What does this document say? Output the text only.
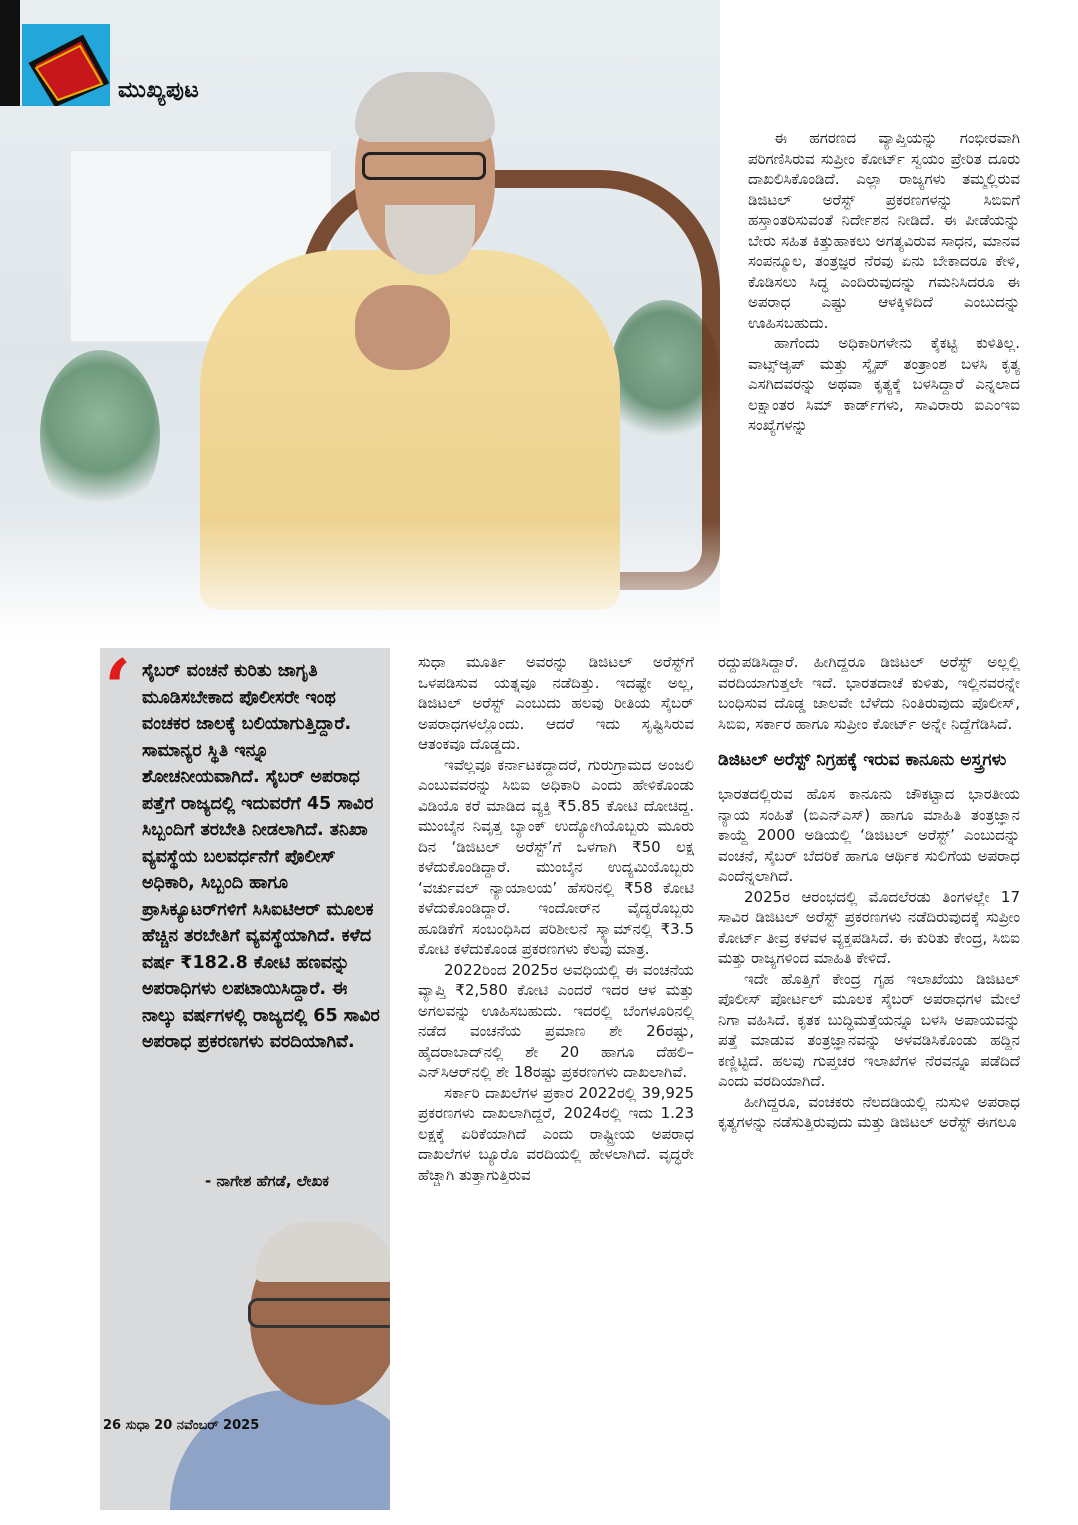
ಮುಖ್ಯಪುಟ

ಈ ಹಗರಣದ ವ್ಯಾಪ್ತಿಯನ್ನು ಗಂಭೀರವಾಗಿ ಪರಿಗಣಿಸಿರುವ ಸುಪ್ರೀಂ ಕೋರ್ಟ್ ಸ್ವಯಂ ಪ್ರೇರಿತ ದೂರು ದಾಖಲಿಸಿಕೊಂಡಿದೆ. ಎಲ್ಲಾ ರಾಜ್ಯಗಳು ತಮ್ಮಲ್ಲಿರುವ ಡಿಜಿಟಲ್ ಅರೆಸ್ಟ್ ಪ್ರಕರಣಗಳನ್ನು ಸಿಬಿಐಗೆ ಹಸ್ತಾಂತರಿಸುವಂತೆ ನಿರ್ದೇಶನ ನೀಡಿದೆ. ಈ ಪೀಡೆಯನ್ನು ಬೇರು ಸಹಿತ ಕಿತ್ತುಹಾಕಲು ಅಗತ್ಯವಿರುವ ಸಾಧನ, ಮಾನವ ಸಂಪನ್ಮೂಲ, ತಂತ್ರಜ್ಞರ ನೆರವು ಏನು ಬೇಕಾದರೂ ಕೇಳಿ, ಕೊಡಿಸಲು ಸಿದ್ಧ ಎಂದಿರುವುದನ್ನು ಗಮನಿಸಿದರೂ ಈ ಅಪರಾಧ ಎಷ್ಟು ಆಳಕ್ಕಿಳಿದಿದೆ ಎಂಬುದನ್ನು ಊಹಿಸಬಹುದು.

ಹಾಗೆಂದು ಅಧಿಕಾರಿಗಳೇನು ಕೈಕಟ್ಟಿ ಕುಳಿತಿಲ್ಲ. ವಾಟ್ಸ್‌ಆ್ಯಪ್ ಮತ್ತು ಸ್ಕೈಪ್ ತಂತ್ರಾಂಶ ಬಳಸಿ ಕೃತ್ಯ ಎಸಗಿದವರನ್ನು ಅಥವಾ ಕೃತ್ಯಕ್ಕೆ ಬಳಸಿದ್ದಾರೆ ಎನ್ನಲಾದ ಲಕ್ಷಾಂತರ ಸಿಮ್ ಕಾರ್ಡ್‌ಗಳು, ಸಾವಿರಾರು ಐಎಂಇಐ ಸಂಖ್ಯೆಗಳನ್ನು

‘ ಸೈಬರ್ ವಂಚನೆ ಕುರಿತು ಜಾಗೃತಿ ಮೂಡಿಸಬೇಕಾದ ಪೊಲೀಸರೇ ಇಂಥ ವಂಚಕರ ಜಾಲಕ್ಕೆ ಬಲಿಯಾಗುತ್ತಿದ್ದಾರೆ. ಸಾಮಾನ್ಯರ ಸ್ಥಿತಿ ಇನ್ನೂ ಶೋಚನೀಯವಾಗಿದೆ. ಸೈಬರ್ ಅಪರಾಧ ಪತ್ತೆಗೆ ರಾಜ್ಯದಲ್ಲಿ ಇದುವರೆಗೆ 45 ಸಾವಿರ ಸಿಬ್ಬಂದಿಗೆ ತರಬೇತಿ ನೀಡಲಾಗಿದೆ. ತನಿಖಾ ವ್ಯವಸ್ಥೆಯ ಬಲವರ್ಧನೆಗೆ ಪೊಲೀಸ್ ಅಧಿಕಾರಿ, ಸಿಬ್ಬಂದಿ ಹಾಗೂ ಪ್ರಾಸಿಕ್ಯೂಟರ್‌ಗಳಿಗೆ ಸಿಸಿಐಟಿಆರ್ ಮೂಲಕ ಹೆಚ್ಚಿನ ತರಬೇತಿಗೆ ವ್ಯವಸ್ಥೆಯಾಗಿದೆ. ಕಳೆದ ವರ್ಷ ₹182.8 ಕೋಟಿ ಹಣವನ್ನು ಅಪರಾಧಿಗಳು ಲಪಟಾಯಿಸಿದ್ದಾರೆ. ಈ ನಾಲ್ಕು ವರ್ಷಗಳಲ್ಲಿ ರಾಜ್ಯದಲ್ಲಿ 65 ಸಾವಿರ ಅಪರಾಧ ಪ್ರಕರಣಗಳು ವರದಿಯಾಗಿವೆ.
- ನಾಗೇಶ ಹೆಗಡೆ, ಲೇಖಕ
26 ಸುಧಾ 20 ನವೆಂಬರ್ 2025

ಸುಧಾ ಮೂರ್ತಿ ಅವರನ್ನು ಡಿಜಿಟಲ್ ಅರೆಸ್ಟ್‌ಗೆ ಒಳಪಡಿಸುವ ಯತ್ನವೂ ನಡೆದಿತ್ತು. ಇದಷ್ಟೇ ಅಲ್ಲ, ಡಿಜಿಟಲ್ ಅರೆಸ್ಟ್ ಎಂಬುದು ಹಲವು ರೀತಿಯ ಸೈಬರ್ ಅಪರಾಧಗಳಲ್ಲೊಂದು. ಆದರೆ ಇದು ಸೃಷ್ಟಿಸಿರುವ ಆತಂಕವೂ ದೊಡ್ಡದು.

ಇವೆಲ್ಲವೂ ಕರ್ನಾಟಕದ್ದಾದರೆ, ಗುರುಗ್ರಾಮದ ಅಂಜಲಿ ಎಂಬುವವರನ್ನು ಸಿಬಿಐ ಅಧಿಕಾರಿ ಎಂದು ಹೇಳಿಕೊಂಡು ವಿಡಿಯೊ ಕರೆ ಮಾಡಿದ ವ್ಯಕ್ತಿ ₹5.85 ಕೋಟಿ ದೋಚಿದ್ದ. ಮುಂಬೈನ ನಿವೃತ್ತ ಬ್ಯಾಂಕ್ ಉದ್ಯೋಗಿಯೊಬ್ಬರು ಮೂರು ದಿನ ‘ಡಿಜಿಟಲ್ ಅರೆಸ್ಟ್’ಗೆ ಒಳಗಾಗಿ ₹50 ಲಕ್ಷ ಕಳೆದುಕೊಂಡಿದ್ದಾರೆ. ಮುಂಬೈನ ಉದ್ಯಮಿಯೊಬ್ಬರು ‘ವರ್ಚುವಲ್ ನ್ಯಾಯಾಲಯ’ ಹೆಸರಿನಲ್ಲಿ ₹58 ಕೋಟಿ ಕಳೆದುಕೊಂಡಿದ್ದಾರೆ. ಇಂದೋರ್‌ನ ವೈದ್ಯರೊಬ್ಬರು ಹೂಡಿಕೆಗೆ ಸಂಬಂಧಿಸಿದ ಪರಿಶೀಲನೆ ಸ್ಕ್ಯಾಮ್‌ನಲ್ಲಿ ₹3.5 ಕೋಟಿ ಕಳೆದುಕೊಂಡ ಪ್ರಕರಣಗಳು ಕೆಲವು ಮಾತ್ರ.

2022ರಿಂದ 2025ರ ಅವಧಿಯಲ್ಲಿ ಈ ವಂಚನೆಯ ವ್ಯಾಪ್ತಿ ₹2,580 ಕೋಟಿ ಎಂದರೆ ಇದರ ಆಳ ಮತ್ತು ಅಗಲವನ್ನು ಊಹಿಸಬಹುದು. ಇದರಲ್ಲಿ ಬೆಂಗಳೂರಿನಲ್ಲಿ ನಡೆದ ವಂಚನೆಯ ಪ್ರಮಾಣ ಶೇ 26ರಷ್ಟು, ಹೈದರಾಬಾದ್‌ನಲ್ಲಿ ಶೇ 20 ಹಾಗೂ ದೆಹಲಿ–ಎನ್‌ಸಿಆರ್‌ನಲ್ಲಿ ಶೇ 18ರಷ್ಟು ಪ್ರಕರಣಗಳು ದಾಖಲಾಗಿವೆ.

ಸರ್ಕಾರಿ ದಾಖಲೆಗಳ ಪ್ರಕಾರ 2022ರಲ್ಲಿ 39,925 ಪ್ರಕರಣಗಳು ದಾಖಲಾಗಿದ್ದರೆ, 2024ರಲ್ಲಿ ಇದು 1.23 ಲಕ್ಷಕ್ಕೆ ಏರಿಕೆಯಾಗಿದೆ ಎಂದು ರಾಷ್ಟ್ರೀಯ ಅಪರಾಧ ದಾಖಲೆಗಳ ಬ್ಯೂರೊ ವರದಿಯಲ್ಲಿ ಹೇಳಲಾಗಿದೆ. ವೃದ್ಧರೇ ಹೆಚ್ಚಾಗಿ ತುತ್ತಾಗುತ್ತಿರುವ

ರದ್ದುಪಡಿಸಿದ್ದಾರೆ. ಹೀಗಿದ್ದರೂ ಡಿಜಿಟಲ್ ಅರೆಸ್ಟ್ ಅಲ್ಲಲ್ಲಿ ವರದಿಯಾಗುತ್ತಲೇ ಇದೆ. ಭಾರತದಾಚೆ ಕುಳಿತು, ಇಲ್ಲಿನವರನ್ನೇ ಬಂಧಿಸುವ ದೊಡ್ಡ ಜಾಲವೇ ಬೆಳೆದು ನಿಂತಿರುವುದು ಪೊಲೀಸ್, ಸಿಬಿಐ, ಸರ್ಕಾರ ಹಾಗೂ ಸುಪ್ರೀಂ ಕೋರ್ಟ್ ಅನ್ನೇ ನಿದ್ದೆಗೆಡಿಸಿದೆ.

ಡಿಜಿಟಲ್ ಅರೆಸ್ಟ್ ನಿಗ್ರಹಕ್ಕೆ ಇರುವ ಕಾನೂನು ಅಸ್ತ್ರಗಳು

ಭಾರತದಲ್ಲಿರುವ ಹೊಸ ಕಾನೂನು ಚೌಕಟ್ಟಾದ ಭಾರತೀಯ ನ್ಯಾಯ ಸಂಹಿತೆ (ಬಿಎನ್‌ಎಸ್) ಹಾಗೂ ಮಾಹಿತಿ ತಂತ್ರಜ್ಞಾನ ಕಾಯ್ದೆ 2000 ಅಡಿಯಲ್ಲಿ ‘ಡಿಜಿಟಲ್ ಅರೆಸ್ಟ್’ ಎಂಬುದನ್ನು ವಂಚನೆ, ಸೈಬರ್ ಬೆದರಿಕೆ ಹಾಗೂ ಆರ್ಥಿಕ ಸುಲಿಗೆಯ ಅಪರಾಧ ಎಂದೆನ್ನಲಾಗಿದೆ.

2025ರ ಆರಂಭದಲ್ಲಿ ಮೊದಲೆರಡು ತಿಂಗಳಲ್ಲೇ 17 ಸಾವಿರ ಡಿಜಿಟಲ್ ಅರೆಸ್ಟ್ ಪ್ರಕರಣಗಳು ನಡೆದಿರುವುದಕ್ಕೆ ಸುಪ್ರೀಂ ಕೋರ್ಟ್ ತೀವ್ರ ಕಳವಳ ವ್ಯಕ್ತಪಡಿಸಿದೆ. ಈ ಕುರಿತು ಕೇಂದ್ರ, ಸಿಬಿಐ ಮತ್ತು ರಾಜ್ಯಗಳಿಂದ ಮಾಹಿತಿ ಕೇಳಿದೆ.

ಇದೇ ಹೊತ್ತಿಗೆ ಕೇಂದ್ರ ಗೃಹ ಇಲಾಖೆಯು ಡಿಜಿಟಲ್ ಪೊಲೀಸ್ ಪೋರ್ಟಲ್ ಮೂಲಕ ಸೈಬರ್ ಅಪರಾಧಗಳ ಮೇಲೆ ನಿಗಾ ವಹಿಸಿದೆ. ಕೃತಕ ಬುದ್ಧಿಮತ್ತೆಯನ್ನೂ ಬಳಸಿ ಅಪಾಯವನ್ನು ಪತ್ತೆ ಮಾಡುವ ತಂತ್ರಜ್ಞಾನವನ್ನು ಅಳವಡಿಸಿಕೊಂಡು ಹದ್ದಿನ ಕಣ್ಣಿಟ್ಟಿದೆ. ಹಲವು ಗುಪ್ತಚರ ಇಲಾಖೆಗಳ ನೆರವನ್ನೂ ಪಡೆದಿದೆ ಎಂದು ವರದಿಯಾಗಿದೆ.

ಹೀಗಿದ್ದರೂ, ವಂಚಕರು ನೆಲದಡಿಯಲ್ಲಿ ನುಸುಳಿ ಅಪರಾಧ ಕೃತ್ಯಗಳನ್ನು ನಡೆಸುತ್ತಿರುವುದು ಮತ್ತು ಡಿಜಿಟಲ್ ಅರೆಸ್ಟ್ ಈಗಲೂ
